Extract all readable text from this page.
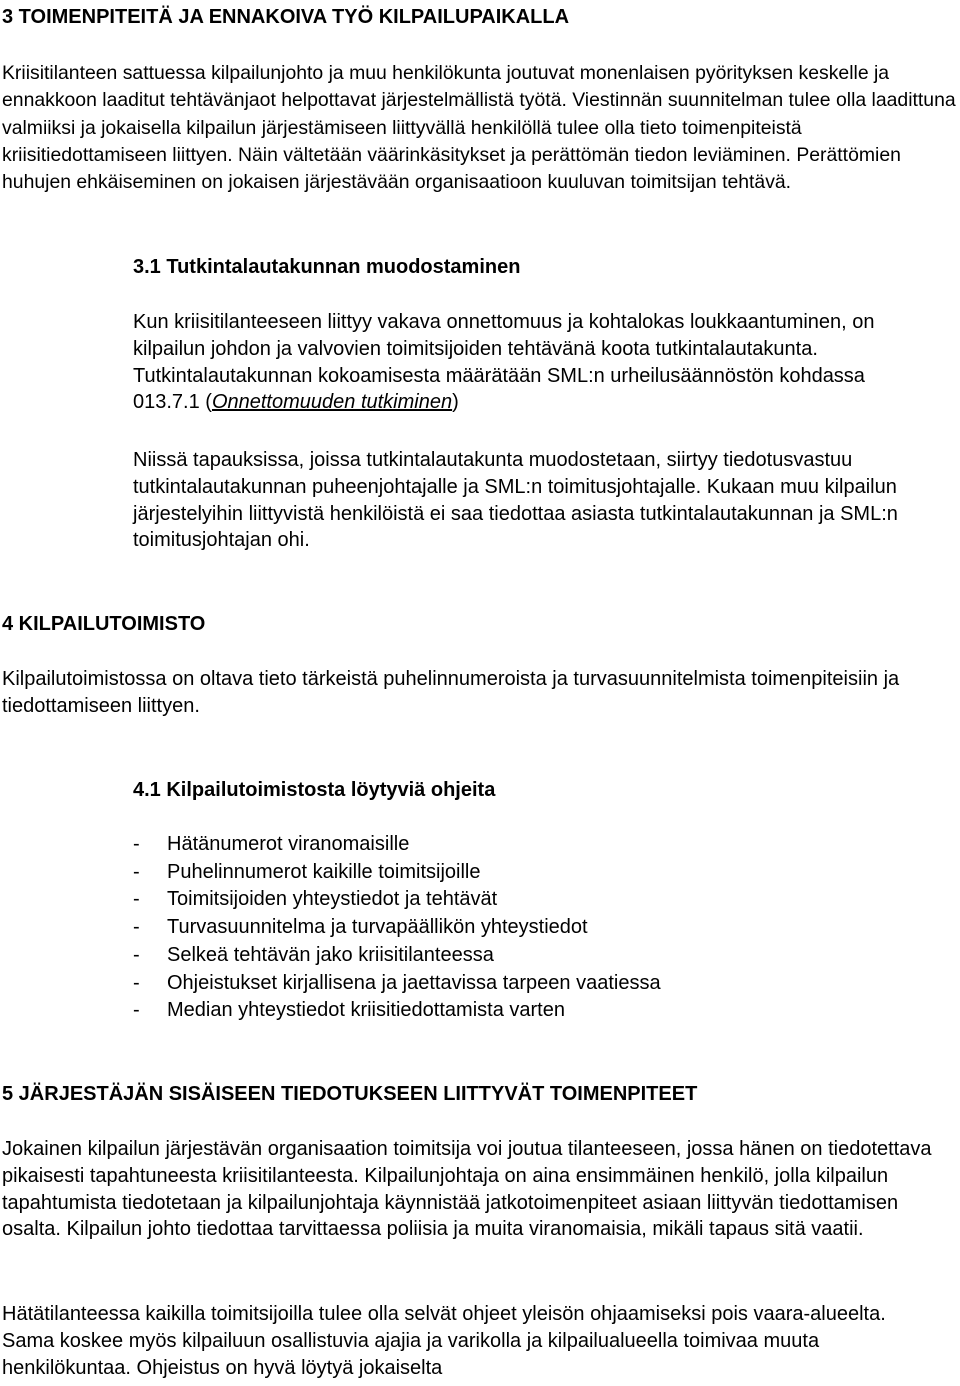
3 TOIMENPITEITÄ JA ENNAKOIVA TYÖ KILPAILUPAIKALLA

Kriisitilanteen sattuessa kilpailunjohto ja muu henkilökunta joutuvat monenlaisen pyörityksen keskelle ja ennakkoon laaditut tehtävänjaot helpottavat järjestelmällistä työtä. Viestinnän suunnitelman tulee olla laadittuna valmiiksi ja jokaisella kilpailun järjestämiseen liittyvällä henkilöllä tulee olla tieto toimenpiteistä kriisitiedottamiseen liittyen. Näin vältetään väärinkäsitykset ja perättömän tiedon leviäminen. Perättömien huhujen ehkäiseminen on jokaisen järjestävään organisaatioon kuuluvan toimitsijan tehtävä.

3.1 Tutkintalautakunnan muodostaminen

Kun kriisitilanteeseen liittyy vakava onnettomuus ja kohtalokas loukkaantuminen, on kilpailun johdon ja valvovien toimitsijoiden tehtävänä koota tutkintalautakunta. Tutkintalautakunnan kokoamisesta määrätään SML:n urheilusäännöstön kohdassa 013.7.1 (Onnettomuuden tutkiminen)

Niissä tapauksissa, joissa tutkintalautakunta muodostetaan, siirtyy tiedotusvastuu tutkintalautakunnan puheenjohtajalle ja SML:n toimitusjohtajalle. Kukaan muu kilpailun järjestelyihin liittyvistä henkilöistä ei saa tiedottaa asiasta tutkintalautakunnan ja SML:n toimitusjohtajan ohi.

4 KILPAILUTOIMISTO

Kilpailutoimistossa on oltava tieto tärkeistä puhelinnumeroista ja turvasuunnitelmista toimenpiteisiin ja tiedottamiseen liittyen.

4.1 Kilpailutoimistosta löytyviä ohjeita
- Hätänumerot viranomaisille
- Puhelinnumerot kaikille toimitsijoille
- Toimitsijoiden yhteystiedot ja tehtävät
- Turvasuunnitelma ja turvapäällikön yhteystiedot
- Selkeä tehtävän jako kriisitilanteessa
- Ohjeistukset kirjallisena ja jaettavissa tarpeen vaatiessa
- Median yhteystiedot kriisitiedottamista varten
5 JÄRJESTÄJÄN SISÄISEEN TIEDOTUKSEEN LIITTYVÄT TOIMENPITEET

Jokainen kilpailun järjestävän organisaation toimitsija voi joutua tilanteeseen, jossa hänen on tiedotettava pikaisesti tapahtuneesta kriisitilanteesta. Kilpailunjohtaja on aina ensimmäinen henkilö, jolla kilpailun tapahtumista tiedotetaan ja kilpailunjohtaja käynnistää jatkotoimenpiteet asiaan liittyvän tiedottamisen osalta. Kilpailun johto tiedottaa tarvittaessa poliisia ja muita viranomaisia, mikäli tapaus sitä vaatii.

Hätätilanteessa kaikilla toimitsijoilla tulee olla selvät ohjeet yleisön ohjaamiseksi pois vaara-alueelta. Sama koskee myös kilpailuun osallistuvia ajajia ja varikolla ja kilpailualueella toimivaa muuta henkilökuntaa. Ohjeistus on hyvä löytyä jokaiselta
